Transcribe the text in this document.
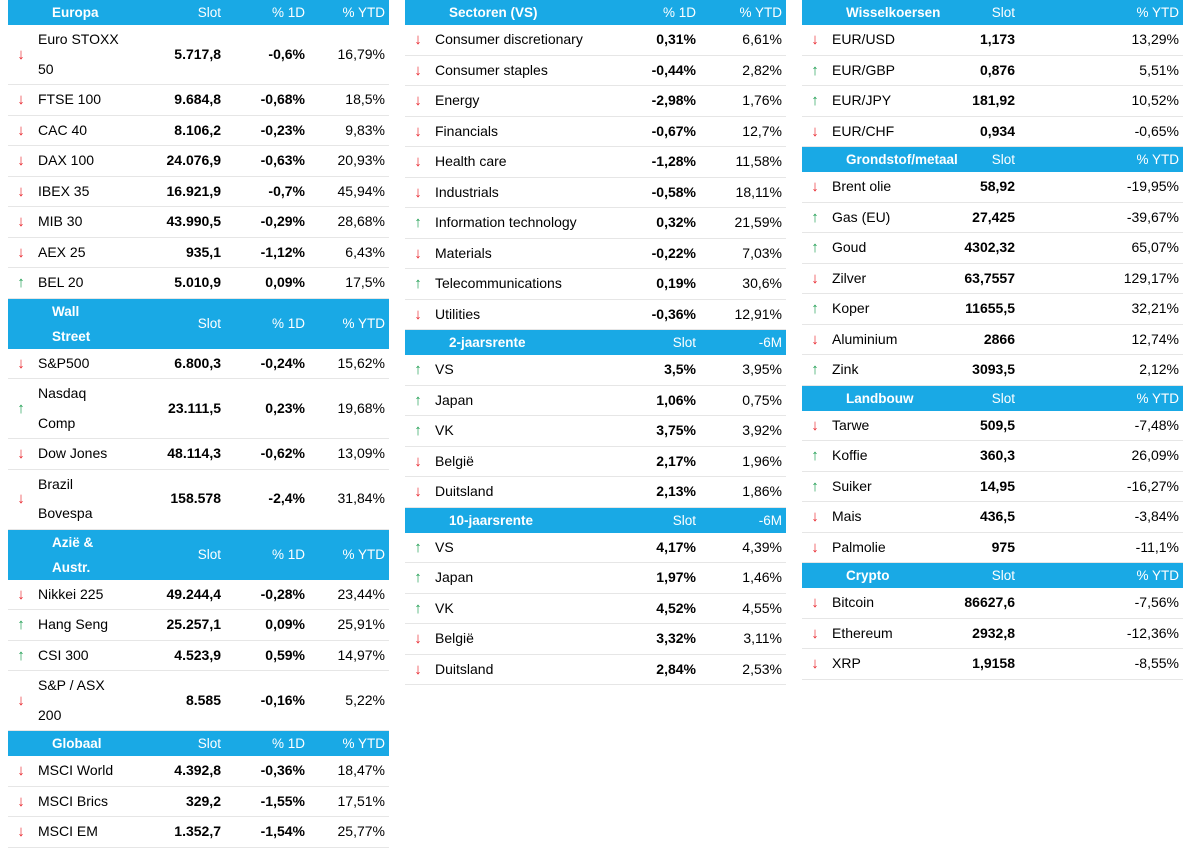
	Europa	Slot	% 1D	% YTD
↓	Euro STOXX 50	5.717,8	-0,6%	16,79%
↓	FTSE 100	9.684,8	-0,68%	18,5%
↓	CAC 40	8.106,2	-0,23%	9,83%
↓	DAX 100	24.076,9	-0,63%	20,93%
↓	IBEX 35	16.921,9	-0,7%	45,94%
↓	MIB 30	43.990,5	-0,29%	28,68%
↓	AEX 25	935,1	-1,12%	6,43%
↑	BEL 20	5.010,9	0,09%	17,5%
	Wall Street	Slot	% 1D	% YTD
↓	S&P500	6.800,3	-0,24%	15,62%
↑	Nasdaq Comp	23.111,5	0,23%	19,68%
↓	Dow Jones	48.114,3	-0,62%	13,09%
↓	Brazil Bovespa	158.578	-2,4%	31,84%
	Azië & Austr.	Slot	% 1D	% YTD
↓	Nikkei 225	49.244,4	-0,28%	23,44%
↑	Hang Seng	25.257,1	0,09%	25,91%
↑	CSI 300	4.523,9	0,59%	14,97%
↓	S&P / ASX 200	8.585	-0,16%	5,22%
	Globaal	Slot	% 1D	% YTD
↓	MSCI World	4.392,8	-0,36%	18,47%
↓	MSCI Brics	329,2	-1,55%	17,51%
↓	MSCI EM	1.352,7	-1,54%	25,77%
	Sectoren (VS)		% 1D	% YTD
↓	Consumer discretionary		0,31%	6,61%
↓	Consumer staples		-0,44%	2,82%
↓	Energy		-2,98%	1,76%
↓	Financials		-0,67%	12,7%
↓	Health care		-1,28%	11,58%
↓	Industrials		-0,58%	18,11%
↑	Information technology		0,32%	21,59%
↓	Materials		-0,22%	7,03%
↑	Telecommunications		0,19%	30,6%
↓	Utilities		-0,36%	12,91%
	2-jaarsrente		Slot	-6M
↑	VS		3,5%	3,95%
↑	Japan		1,06%	0,75%
↑	VK		3,75%	3,92%
↓	België		2,17%	1,96%
↓	Duitsland		2,13%	1,86%
	10-jaarsrente		Slot	-6M
↑	VS		4,17%	4,39%
↑	Japan		1,97%	1,46%
↑	VK		4,52%	4,55%
↓	België		3,32%	3,11%
↓	Duitsland		2,84%	2,53%
	Wisselkoersen	Slot		% YTD
↓	EUR/USD	1,173		13,29%
↑	EUR/GBP	0,876		5,51%
↑	EUR/JPY	181,92		10,52%
↓	EUR/CHF	0,934		-0,65%
	Grondstof/metaal	Slot		% YTD
↓	Brent olie	58,92		-19,95%
↑	Gas (EU)	27,425		-39,67%
↑	Goud	4302,32		65,07%
↓	Zilver	63,7557		129,17%
↑	Koper	11655,5		32,21%
↓	Aluminium	2866		12,74%
↑	Zink	3093,5		2,12%
	Landbouw	Slot		% YTD
↓	Tarwe	509,5		-7,48%
↑	Koffie	360,3		26,09%
↑	Suiker	14,95		-16,27%
↓	Mais	436,5		-3,84%
↓	Palmolie	975		-11,1%
	Crypto	Slot		% YTD
↓	Bitcoin	86627,6		-7,56%
↓	Ethereum	2932,8		-12,36%
↓	XRP	1,9158		-8,55%
